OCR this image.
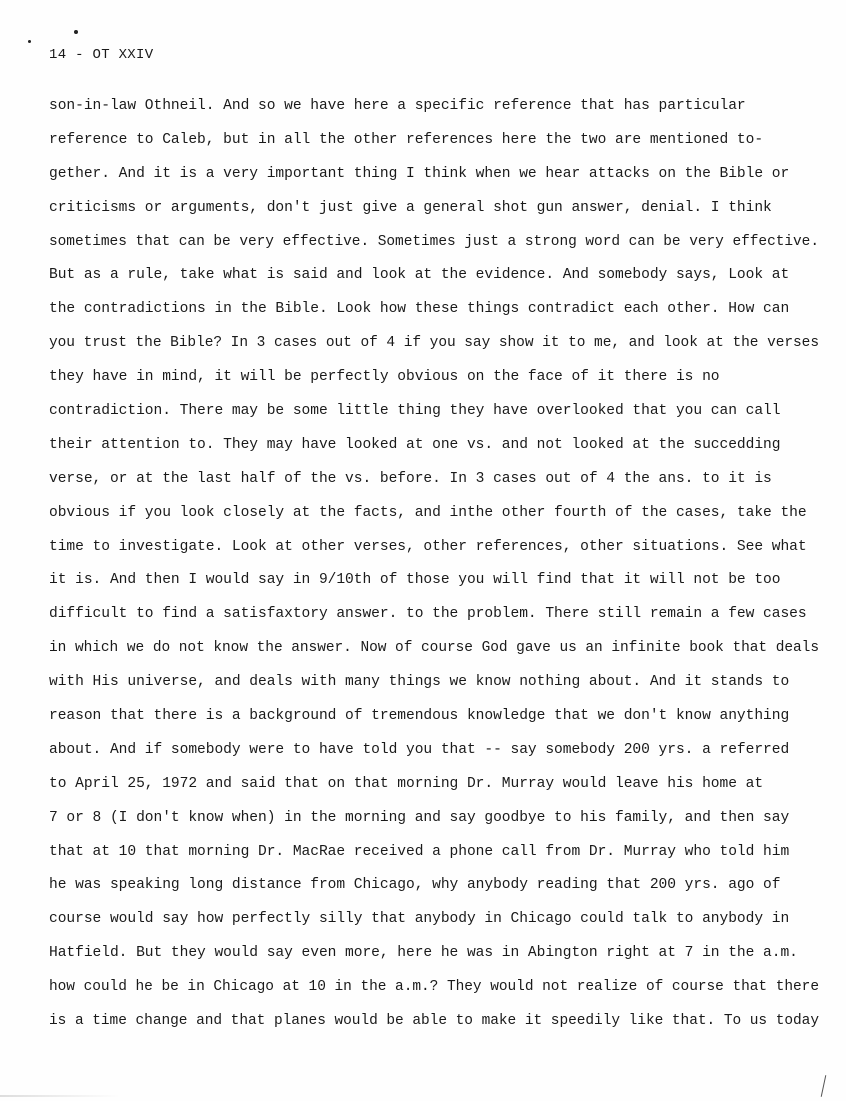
14 - OT XXIV
son-in-law Othneil. And so we have here a specific reference that has particular
reference to Caleb, but in all the other references here the two are mentioned to-
gether. And it is a very important thing I think when we hear attacks on the Bible or
criticisms or arguments, don't just give a general shot gun answer, denial. I think
sometimes that can be very effective. Sometimes just a strong word can be very effective.
But as a rule, take what is said and look at the evidence. And somebody says, Look at
the contradictions in the Bible. Look how these things contradict each other. How can
you trust the Bible? In 3 cases out of 4 if you say show it to me, and look at the verses
they have in mind, it will be perfectly obvious on the face of it there is no
contradiction. There may be some little thing they have overlooked that you can call
their attention to. They may have looked at one vs. and not looked at the succedding
verse, or at the last half of the vs. before. In 3 cases out of 4 the ans. to it is
obvious if you look closely at the facts, and inthe other fourth of the cases, take the
time to investigate. Look at other verses, other references, other situations. See what
it is. And then I would say in 9/10th of those you will find that it will not be too
difficult to find a satisfaxtory answer. to the problem. There still remain a few cases
in which we do not know the answer. Now of course God gave us an infinite book that deals
with His universe, and deals with many things we know nothing about. And it stands to
reason that there is a background of tremendous knowledge that we don't know anything
about. And if somebody were to have told you that -- say somebody 200 yrs. a referred
to April 25, 1972 and said that on that morning Dr. Murray would leave his home at
7 or 8 (I don't know when) in the morning and say goodbye to his family, and then say
that at 10 that morning Dr. MacRae received a phone call from Dr. Murray who told him
he was speaking long distance from Chicago, why anybody reading that 200 yrs. ago of
course would say how perfectly silly that anybody in Chicago could talk to anybody in
Hatfield. But they would say even more, here he was in Abington right at 7 in the a.m.
how could he be in Chicago at 10 in the a.m.? They would not realize of course that there
is a time change and that planes would be able to make it speedily like that. To us today
